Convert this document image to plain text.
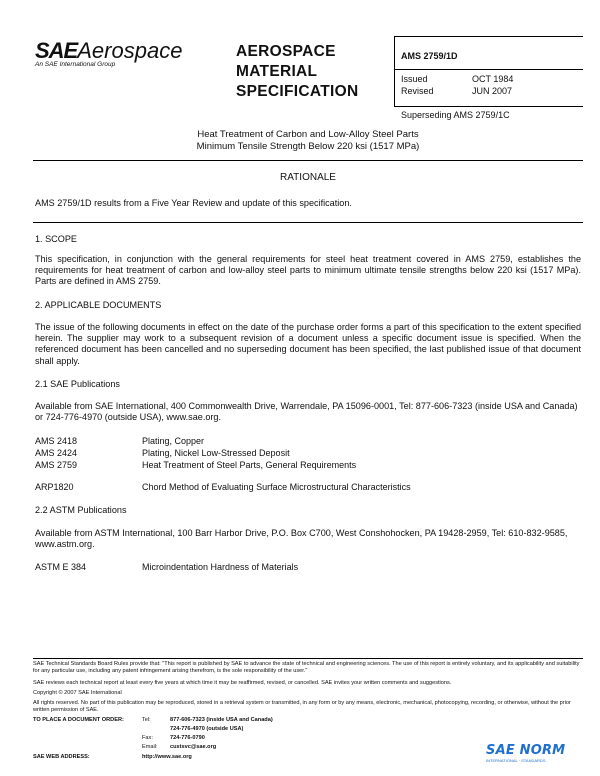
SAEAerospace
An SAE International Group
AEROSPACE
MATERIAL
SPECIFICATION
AMS 2759/1D
Issued	OCT 1984
Revised	JUN 2007
Superseding AMS 2759/1C
Heat Treatment of Carbon and Low-Alloy Steel Parts
Minimum Tensile Strength Below 220 ksi (1517 MPa)
RATIONALE
AMS 2759/1D results from a Five Year Review and update of this specification.
1. SCOPE
This specification, in conjunction with the general requirements for steel heat treatment covered in AMS 2759, establishes the requirements for heat treatment of carbon and low-alloy steel parts to minimum ultimate tensile strengths below 220 ksi (1517 MPa). Parts are defined in AMS 2759.
2. APPLICABLE DOCUMENTS
The issue of the following documents in effect on the date of the purchase order forms a part of this specification to the extent specified herein. The supplier may work to a subsequent revision of a document unless a specific document issue is specified. When the referenced document has been cancelled and no superseding document has been specified, the last published issue of that document shall apply.
2.1 SAE Publications
Available from SAE International, 400 Commonwealth Drive, Warrendale, PA 15096-0001, Tel: 877-606-7323 (inside USA and Canada) or 724-776-4970 (outside USA), www.sae.org.
AMS 2418	Plating, Copper
AMS 2424	Plating, Nickel Low-Stressed Deposit
AMS 2759	Heat Treatment of Steel Parts, General Requirements
ARP1820	Chord Method of Evaluating Surface Microstructural Characteristics
2.2 ASTM Publications
Available from ASTM International, 100 Barr Harbor Drive, P.O. Box C700, West Conshohocken, PA 19428-2959, Tel: 610-832-9585, www.astm.org.
ASTM E 384	Microindentation Hardness of Materials
SAE Technical Standards Board Rules provide that: "This report is published by SAE to advance the state of technical and engineering sciences. The use of this report is entirely voluntary, and its applicability and suitability for any particular use, including any patent infringement arising therefrom, is the sole responsibility of the user."
SAE reviews each technical report at least every five years at which time it may be reaffirmed, revised, or cancelled. SAE invites your written comments and suggestions.
Copyright © 2007 SAE International
All rights reserved. No part of this publication may be reproduced, stored in a retrieval system or transmitted, in any form or by any means, electronic, mechanical, photocopying, recording, or otherwise, without the prior written permission of SAE.
TO PLACE A DOCUMENT ORDER:	Tel:	877-606-7323 (inside USA and Canada)
724-776-4970 (outside USA)
Fax:	724-776-0790
Email: custsvc@sae.org
SAE WEB ADDRESS:	http://www.sae.org	SAE NORM
INTERNATIONAL · STANDARDS
